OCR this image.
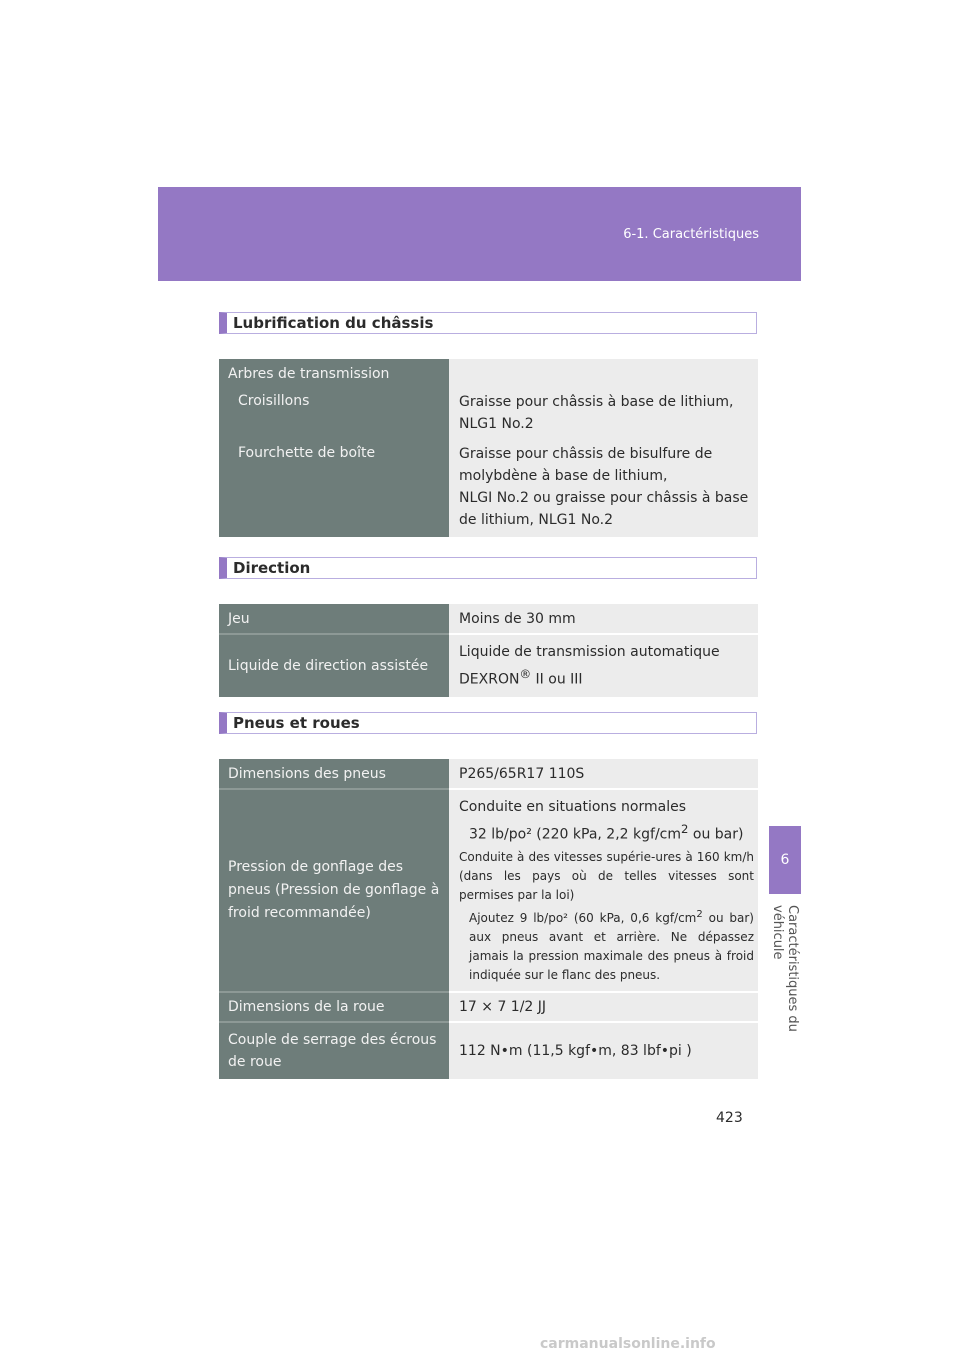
6-1. Caractéristiques
6
Caractéristiques du véhicule
Lubrification du châssis
Arbres de transmission	

Croisillons	Graisse pour châssis à base de lithium, NLG1 No.2

Fourchette de boîte	Graisse pour châssis de bisulfure de molybdène à base de lithium,
NLGI No.2 ou graisse pour châssis à base de lithium, NLG1 No.2
Direction
Jeu	Moins de 30 mm
Liquide de direction assistée	Liquide de transmission automatique
DEXRON® II ou III
Pneus et roues
Dimensions des pneus	P265/65R17 110S
Pression de gonflage des pneus (Pression de gonflage à froid recommandée)	Conduite en situations normales
32 lb/po² (220 kPa, 2,2 kgf/$cm^2$ ou bar)
Conduite à des vitesses supérie-ures à 160 km/h (dans les pays où de telles vitesses sont permises par la loi)
Ajoutez 9 lb/po² (60 kPa, 0,6 kgf/$cm^2$ ou bar) aux pneus avant et arrière. Ne dépassez jamais la pression maximale des pneus à froid indiquée sur le flanc des pneus.

Dimensions de la roue	17 × 7 1/2 JJ
Couple de serrage des écrous de roue	112 N•m (11,5 kgf•m, 83 lbf•pi )
423
carmanualsonline.info
